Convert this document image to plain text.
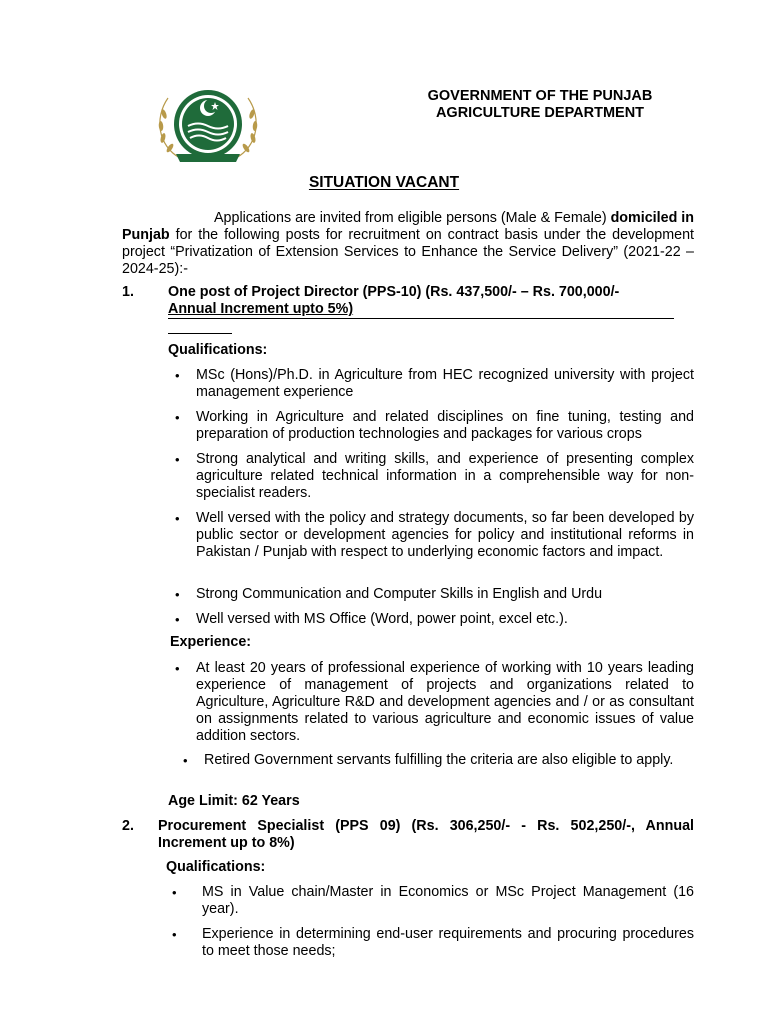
GOVERNMENT OF THE PUNJAB
AGRICULTURE DEPARTMENT
SITUATION VACANT
Applications are invited from eligible persons (Male & Female) domiciled in Punjab for the following posts for recruitment on contract basis under the development project “Privatization of Extension Services to Enhance the Service Delivery” (2021-22 – 2024-25):-
1. One post of Project Director (PPS-10) (Rs. 437,500/- – Rs. 700,000/-
Annual Increment upto 5%)
Qualifications:
• MSc (Hons)/Ph.D. in Agriculture from HEC recognized university with project management experience
• Working in Agriculture and related disciplines on fine tuning, testing and preparation of production technologies and packages for various crops
• Strong analytical and writing skills, and experience of presenting complex agriculture related technical information in a comprehensible way for non-specialist readers.
• Well versed with the policy and strategy documents, so far been developed by public sector or development agencies for policy and institutional reforms in Pakistan / Punjab with respect to underlying economic factors and impact.
• Strong Communication and Computer Skills in English and Urdu
• Well versed with MS Office (Word, power point, excel etc.).
Experience:
• At least 20 years of professional experience of working with 10 years leading experience of management of projects and organizations related to Agriculture, Agriculture R&D and development agencies and / or as consultant on assignments related to various agriculture and economic issues of value addition sectors.
• Retired Government servants fulfilling the criteria are also eligible to apply.
Age Limit: 62 Years
2. Procurement Specialist (PPS 09) (Rs. 306,250/- - Rs. 502,250/-, Annual Increment up to 8%)
Qualifications:
• MS in Value chain/Master in Economics or MSc Project Management (16 year).
• Experience in determining end-user requirements and procuring procedures to meet those needs;
